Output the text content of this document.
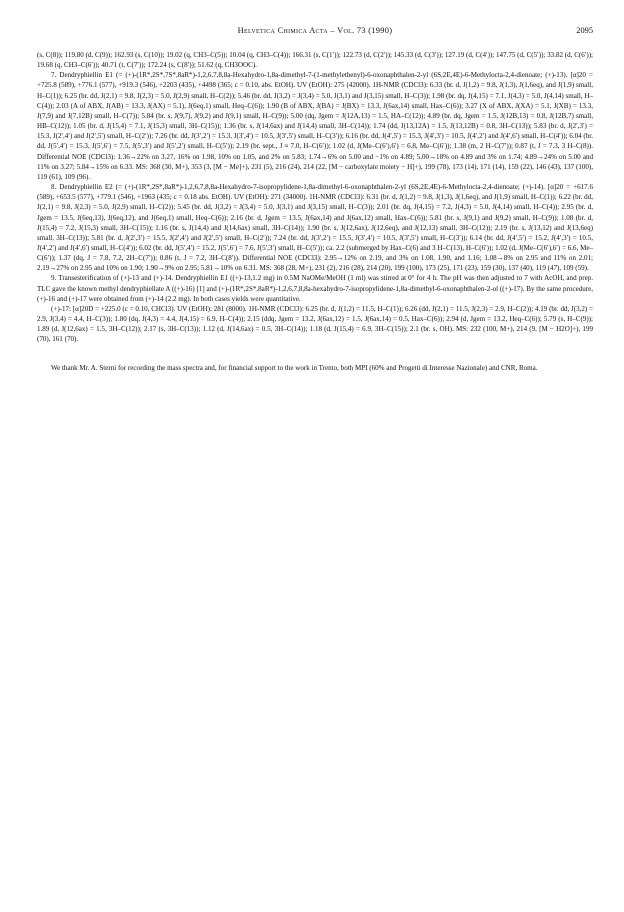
Helvetica Chimica Acta – Vol. 73 (1990)	2095

(s, C(8)); 119.80 (d, C(9)); 162.93 (s, C(10)); 19.02 (q, CH3–C(5)); 10.04 (q, CH3–C(4)); 166.31 (s, C(1′)); 122.73 (d, C(2′)); 145.33 (d, C(3′)); 127.19 (d, C(4′)); 147.75 (d, C(5′)); 33.82 (d, C(6′)); 19.68 (q, CH3–C(6′)); 40.71 (t, C(7′)); 172.24 (s, C(8′)); 51.62 (q, CH3OOC).

7. Dendryphiellin E1 (= (+)-(1R*,2S*,7S*,8aR*)-1,2,6,7,8,8a-Hexahydro-1,8a-dimethyl-7-(1-methylethenyl)-6-oxonaphthalen-2-yl (6S,2E,4E)-6-Methylocta-2,4-dienoate; (+)-13). [α]20 = +725.8 (589), +776.1 (577), +919.3 (546), +2203 (435), +4498 (365; c = 0.10, abs. EtOH). UV (EtOH): 275 (42000). 1H-NMR (CDCl3): 6.33 (br. d, J(1,2) = 9.8, J(1,3), J(1,6eq), and J(1,9) small, H–C(1)); 6.25 (br. dd, J(2,1) = 9.8, J(2,3) = 5.0, J(2,9) small, H–C(2)); 5.46 (br. dd, J(3,2) = J(3,4) = 5.0, J(3,1) and J(3,15) small, H–C(3)); 1.98 (br. dq, J(4,15) = 7.1, J(4,3) = 5.0, J(4,14) small, H–C(4)); 2.03 (A of ABX, J(AB) = 13.3, J(AX) = 5.1), J(6eq,1) small, Heq–C(6)); 1.90 (B of ABX, J(BA) = J(BX) = 13.3, J(6ax,14) small, Hax–C(6)); 3.27 (X of ABX, J(XA) = 5.1, J(XB) = 13.3, J(7,9) and J(7,12B) small, H–C(7)); 5.84 (br. s, J(9,7), J(9,2) and J(9,1) small, H–C(9)); 5.00 (dq, Jgem = J(12A,13) = 1.5, HA–C(12)); 4.89 (br. dq, Jgem = 1.5, J(12B,13) = 0.8, J(12B,7) small, HB–C(12)); 1.05 (br. d, J(15,4) = 7.1, J(15,3) small, 3H–C(15)); 1.36 (br. s, J(14,6ax) and J(14,4) small, 3H–C(14)); 1.74 (dd, J(13,12A) = 1.5, J(13,12B) = 0.8, 3H–C(13)); 5.83 (br. d, J(2′,3′) = 15.3, J(2′,4′) and J(2′,5′) small, H–C(2′)); 7.26 (br. dd, J(3′,2′) = 15.3, J(3′,4′) = 10.5, J(3′,5′) small, H–C(3′)); 6.16 (br. dd, J(4′,5′) = 15.3, J(4′,3′) = 10.5, J(4′,2′) and J(4′,6′) small, H–C(4′)); 6.04 (br. dd, J(5′,4′) = 15.3, J(5′,6′) = 7.5, J(5′,3′) and J(5′,2′) small, H–C(5′)); 2.19 (br. sept., J ≈ 7.0, H–C(6′)); 1.02 (d, J(Me–C(6′),6′) = 6.8, Me–C(6′)); 1.38 (m, 2 H–C(7′)); 0.87 (t, J = 7.3, 3 H–C(8)). Differential NOE (CDCl3): 1.36→22% on 3.27, 16% on 1.98, 10% on 1.05, and 2% on 5.83; 1.74→6% on 5.00 and −1% on 4.89; 5.00→18% on 4.89 and 3% on 1.74; 4.89→24% on 5.00 and 11% on 3.27; 5.84→15% on 6.33. MS: 368 (30, M+), 353 (3, [M − Me]+), 231 (5), 216 (24), 214 (22, [M − carboxylate moiety − H]+), 199 (78), 173 (14), 171 (14), 159 (22), 146 (43), 137 (100), 119 (61), 109 (96).

8. Dendryphiellin E2 (= (+)-(1R*,2S*,8aR*)-1,2,6,7,8,8a-Hexahydro-7-isopropylidene-1,8a-dimethyl-6-oxonaphthalen-2-yl (6S,2E,4E)-6-Methylocta-2,4-dienoate; (+)-14). [α]20 = +617.6 (589), +653.5 (577), +779.1 (546), +1963 (435; c = 0.18 abs. EtOH). UV (EtOH): 271 (34000). 1H-NMR (CDCl3): 6.31 (br. d, J(1,2) = 9.8, J(1,3), J(1,6eq), and J(1,9) small, H–C(1)); 6.22 (br. dd, J(2,1) = 9.8, J(2,3) = 5.0, J(2,9) small, H–C(2)); 5.45 (br. dd, J(3,2) = J(3,4) = 5.0, J(3,1) and J(3,15) small, H–C(3)); 2.01 (br. dq, J(4,15) = 7.2, J(4,3) = 5.0, J(4,14) small, H–C(4)); 2.95 (br. d, Jgem = 13.5, J(6eq,13), J(6eq,12), and J(6eq,1) small, Heq–C(6)); 2.16 (br. d, Jgem = 13.5, J(6ax,14) and J(6ax,12) small, Hax–C(6)); 5.81 (br. s, J(9,1) and J(9,2) small, H–C(9)); 1.08 (br. d, J(15,4) = 7.2, J(15,3) small, 3H–C(15)); 1.16 (br. s, J(14,4) and J(14,6ax) small, 3H–C(14)); 1.90 (br. s, J(12,6ax), J(12,6eq), and J(12,13) small, 3H–C(12)); 2.19 (br. s, J(13,12) and J(13,6eq) small, 3H–C(13)); 5.81 (br. d, J(2′,3′) = 15.5, J(2′,4′) and J(2′,5′) small, H–C(2′)); 7.24 (br. dd, J(3′,2′) = 15.5, J(3′,4′) = 10.5, J(3′,5′) small, H–C(3′)); 6.14 (br. dd, J(4′,5′) = 15.2, J(4′,3′) = 10.5, J(4′,2′) and J(4′,6′) small, H–C(4′)); 6.02 (br. dd, J(5′,4′) = 15.2, J(5′,6′) = 7.6, J(5′,3′) small, H–C(5′)); ca. 2.2 (submerged by Hax–C(6) and 3 H–C(13), H–C(6′)); 1.02 (d, J(Me–C(6′),6′) = 6.6, Me–C(6′)); 1.37 (dq, J = 7.8, 7.2, 2H–C(7′)); 0.86 (t, J = 7.2, 3H–C(8′)). Differential NOE (CDCl3): 2.95→12% on 2.19, and 3% on 1.08, 1.90, and 1.16; 1.08→8% on 2.95 and 11% on 2.01; 2.19→27% on 2.95 and 10% on 1.90; 1.90→9% on 2.95; 5.81→10% on 6.31. MS: 368 (28, M+), 231 (2), 216 (28), 214 (20), 199 (100), 173 (25), 171 (23), 159 (30), 137 (40), 119 (47), 109 (59).

9. Transesterification of (+)-13 and (+)-14. Dendryphiellin E1 ((+)-13,1.2 mg) in 0.5M NaOMe/MeOH (1 ml) was stirred at 0° for 4 h. The pH was then adjusted to 7 with AcOH, and prep. TLC gave the known methyl dendryphiellate A ((+)-16) [1] and (+)-(1R*,2S*,8aR*)-1,2,6,7,8,8a-hexahydro-7-isopropylidene-1,8a-dimethyl-6-oxonaphthalen-2-ol ((+)-17). By the same procedure, (+)-16 and (+)-17 were obtained from (+)-14 (2.2 mg). In both cases yields were quantitative.

(+)-17: [α]20D = +225.0 (c = 0.10, CHCl3). UV (EtOH): 281 (8000). 1H-NMR (CDCl3): 6.25 (br. d, J(1,2) = 11.5, H–C(1)); 6.26 (dd, J(2,1) = 11.5, J(2,3) = 2.9, H–C(2)); 4.19 (br. dd, J(3,2) = 2.9, J(3,4) = 4.4, H–C(3)); 1.80 (dq, J(4,3) = 4.4, J(4,15) = 6.9, H–C(4)); 2.15 (ddq, Jgem = 13.2, J(6ax,12) = 1.5, J(6ax,14) = 0.5, Hax–C(6)); 2.94 (d, Jgem = 13.2, Heq–C(6)); 5.79 (s, H–C(9)); 1.89 (d, J(12,6ax) = 1.5, 3H–C(12)); 2.17 (s, 3H–C(13)); 1.12 (d, J(14,6ax) = 0.5, 3H–C(14)); 1.18 (d, J(15,4) = 6.9, 3H–C(15)); 2.1 (br. s, OH). MS: 232 (100, M+), 214 (9, [M − H2O]+), 199 (70), 161 (70).

We thank Mr. A. Sterni for recording the mass spectra and, for financial support to the work in Trento, both MPI (60% and Progetti di Interesse Nazionale) and CNR, Roma.
